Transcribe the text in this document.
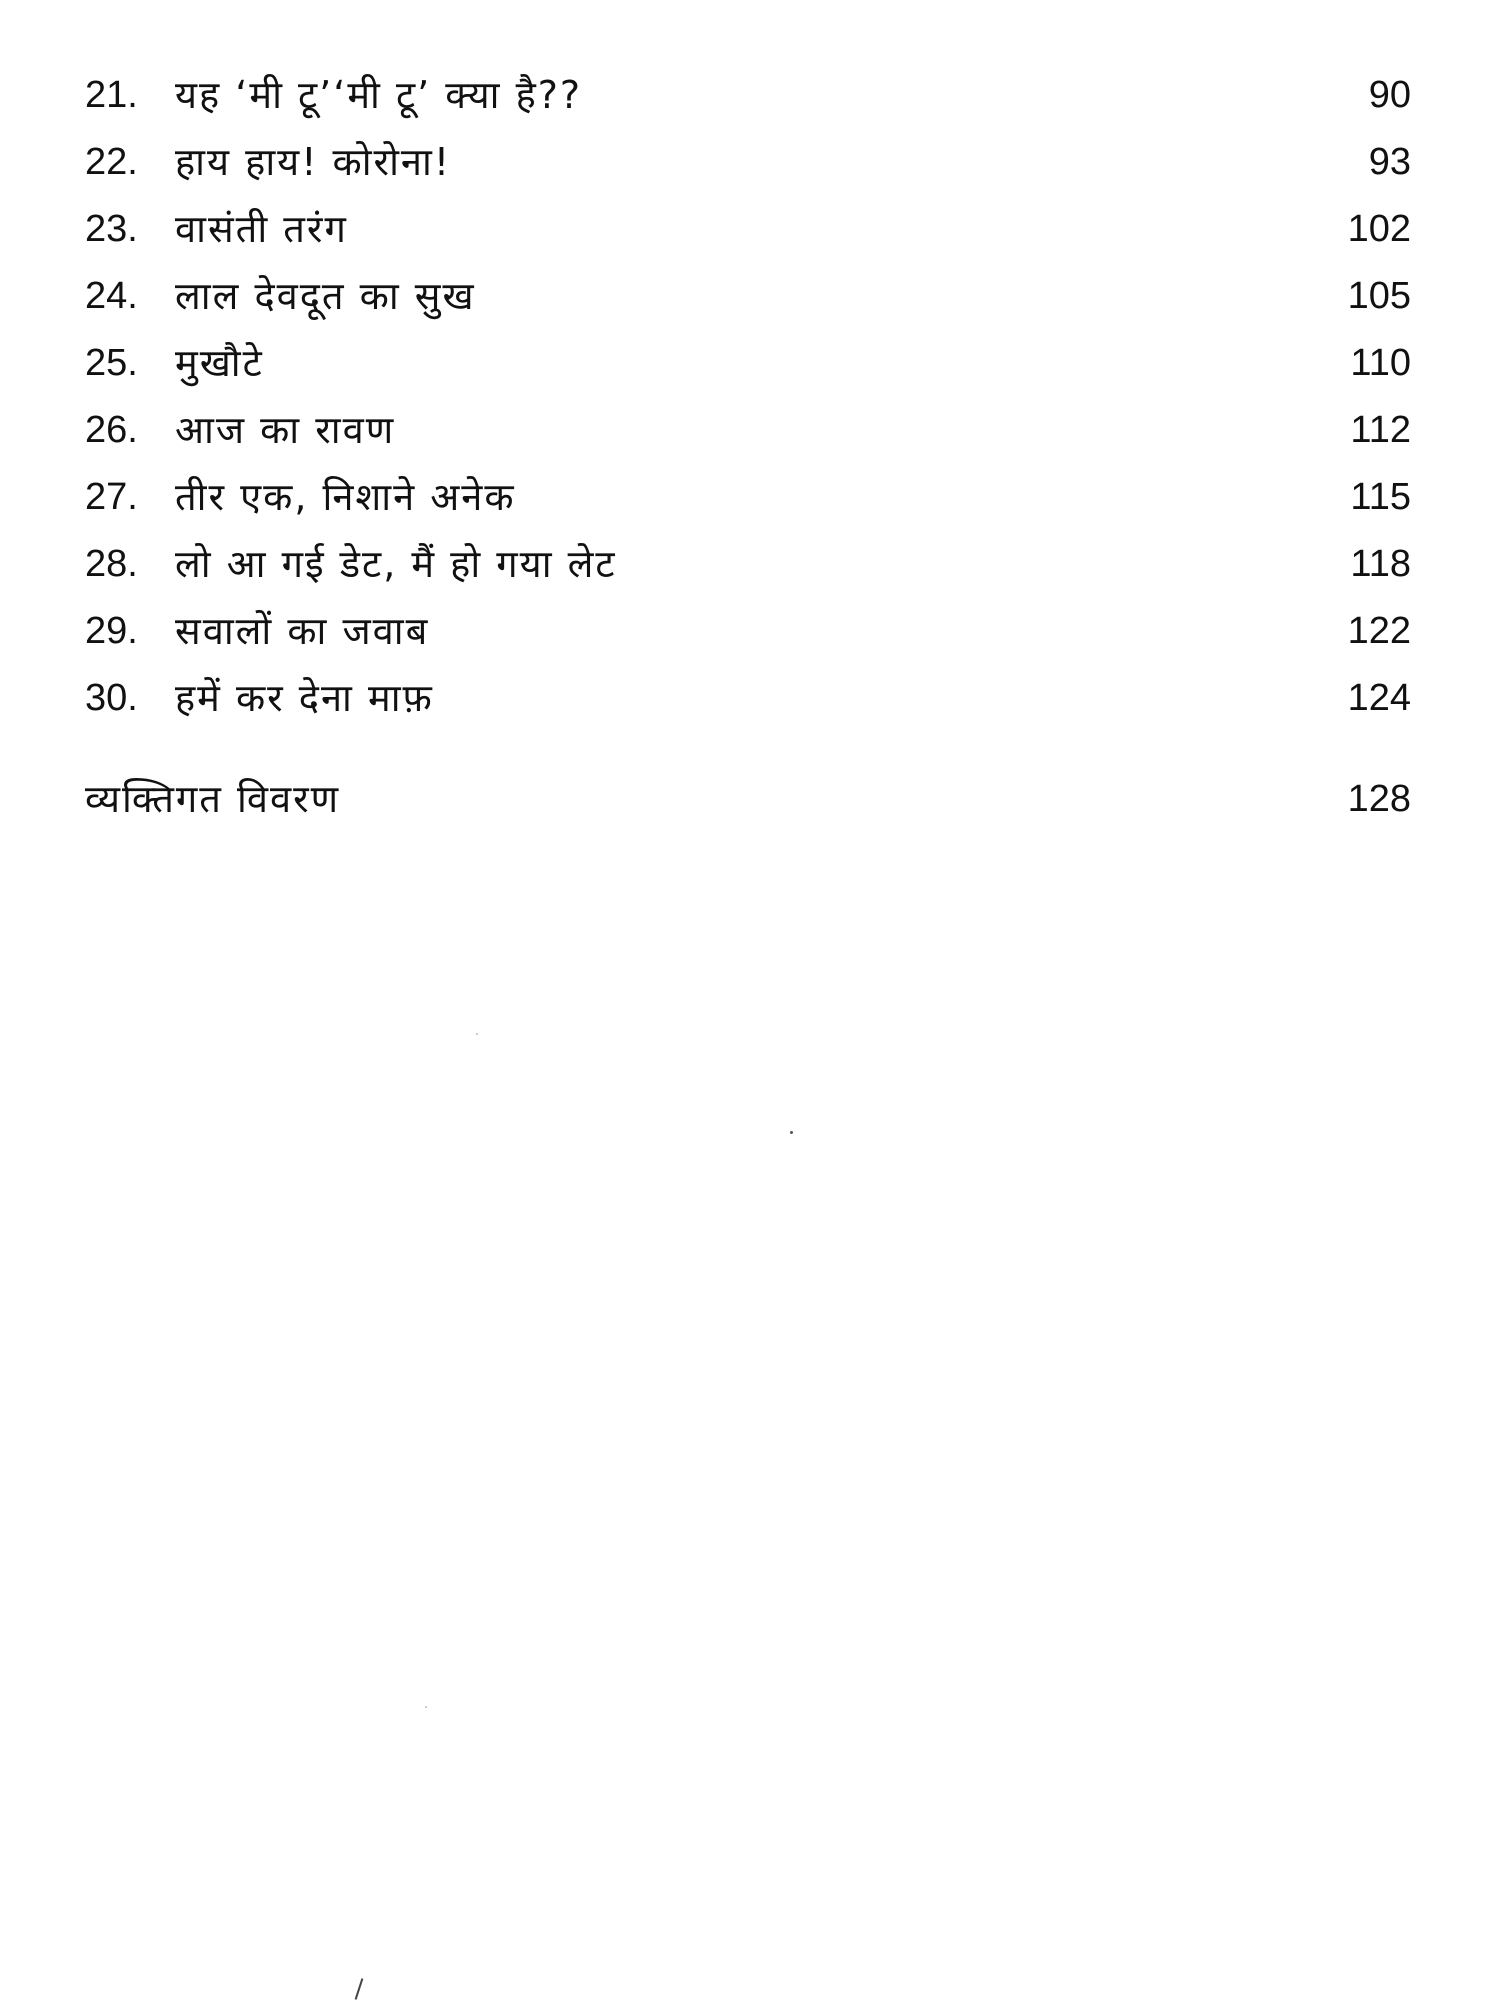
21. यह ‘मी टू’‘मी टू’ क्या है??	90
22. हाय हाय! कोरोना!	93
23. वासंती तरंग	102
24. लाल देवदूत का सुख	105
25. मुखौटे	110
26. आज का रावण	112
27. तीर एक, निशाने अनेक	115
28. लो आ गई डेट, मैं हो गया लेट	118
29. सवालों का जवाब	122
30. हमें कर देना माफ़	124
व्यक्तिगत विवरण	128
